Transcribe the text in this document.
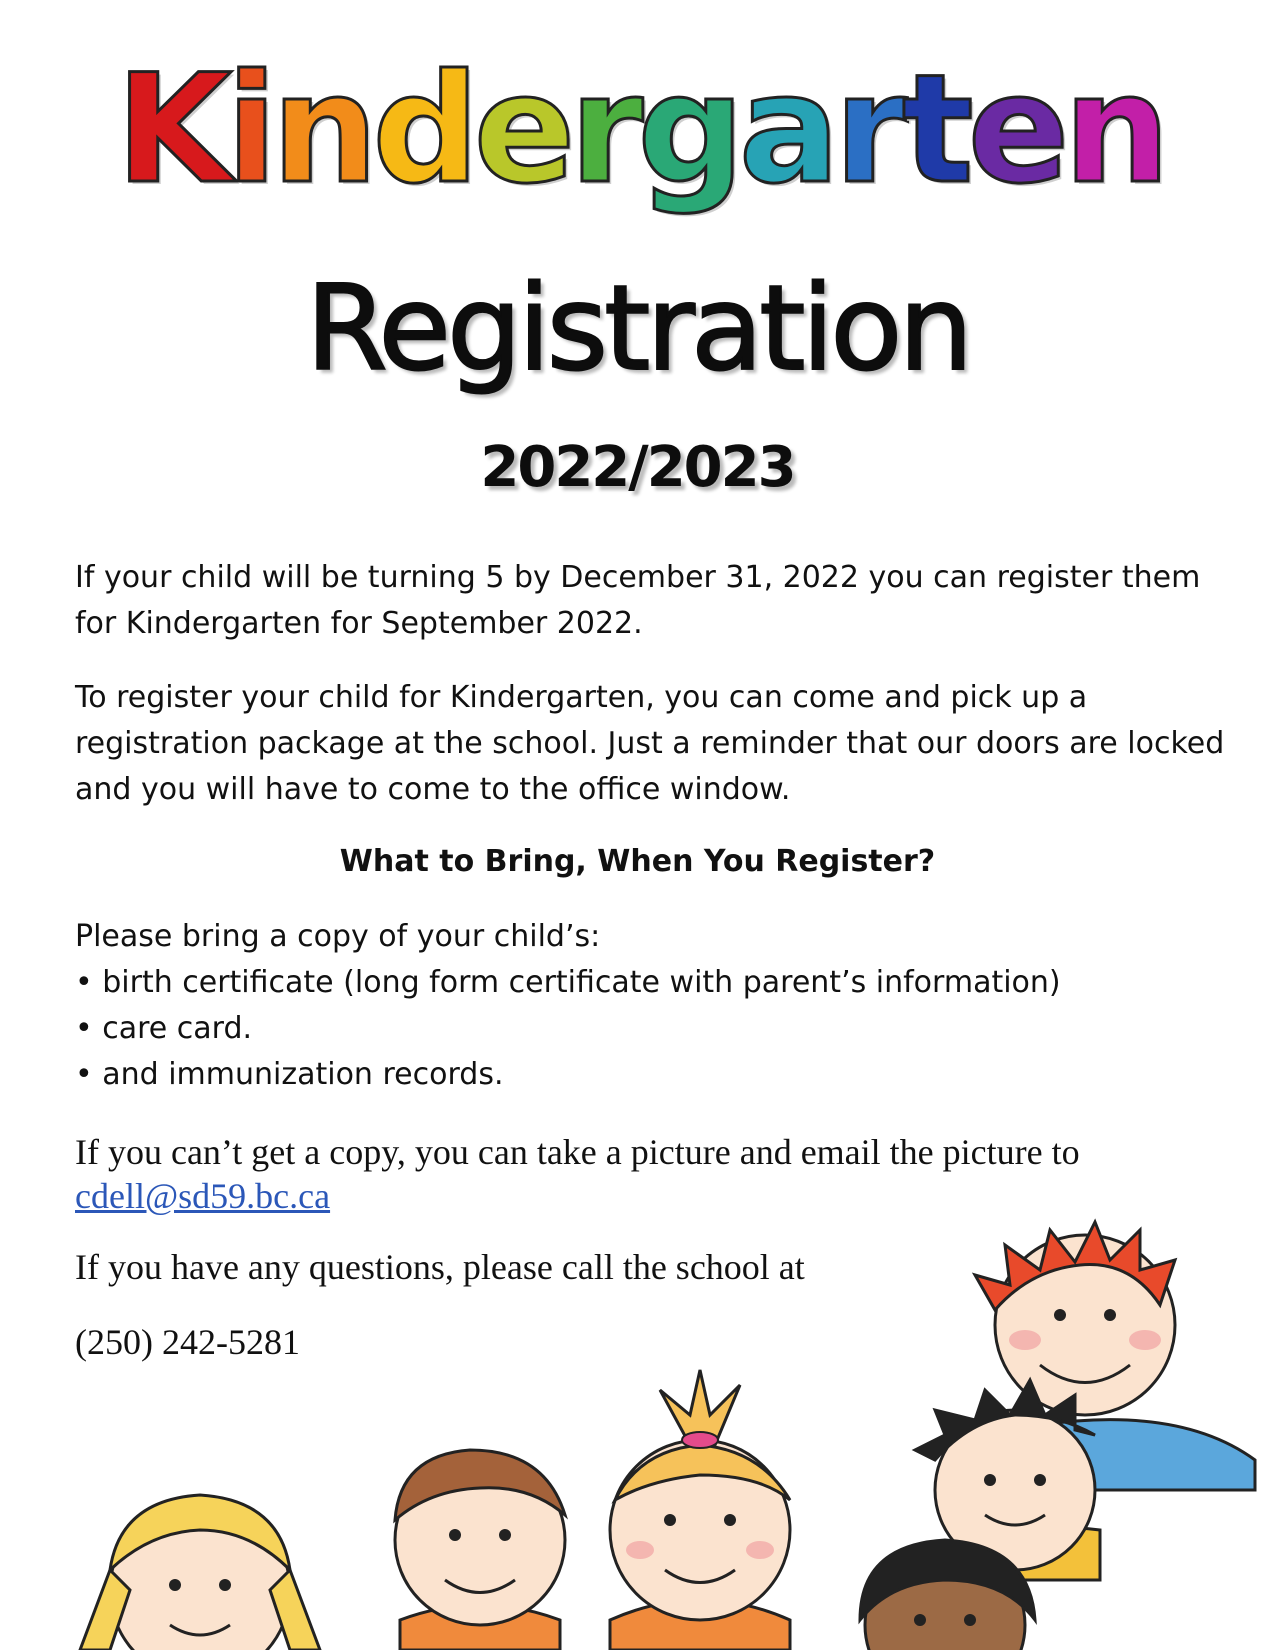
Kindergarten
Registration
2022/2023

If your child will be turning 5 by December 31, 2022 you can register them for Kindergarten for September 2022.

To register your child for Kindergarten, you can come and pick up a registration package at the school. Just a reminder that our doors are locked and you will have to come to the office window.

What to Bring, When You Register?
Please bring a copy of your child’s:
• birth certificate (long form certificate with parent’s information)
• care card.
• and immunization records.
If you can’t get a copy, you can take a picture and email the picture to
cdell@sd59.bc.ca
If you have any questions, please call the school at
(250) 242-5281
